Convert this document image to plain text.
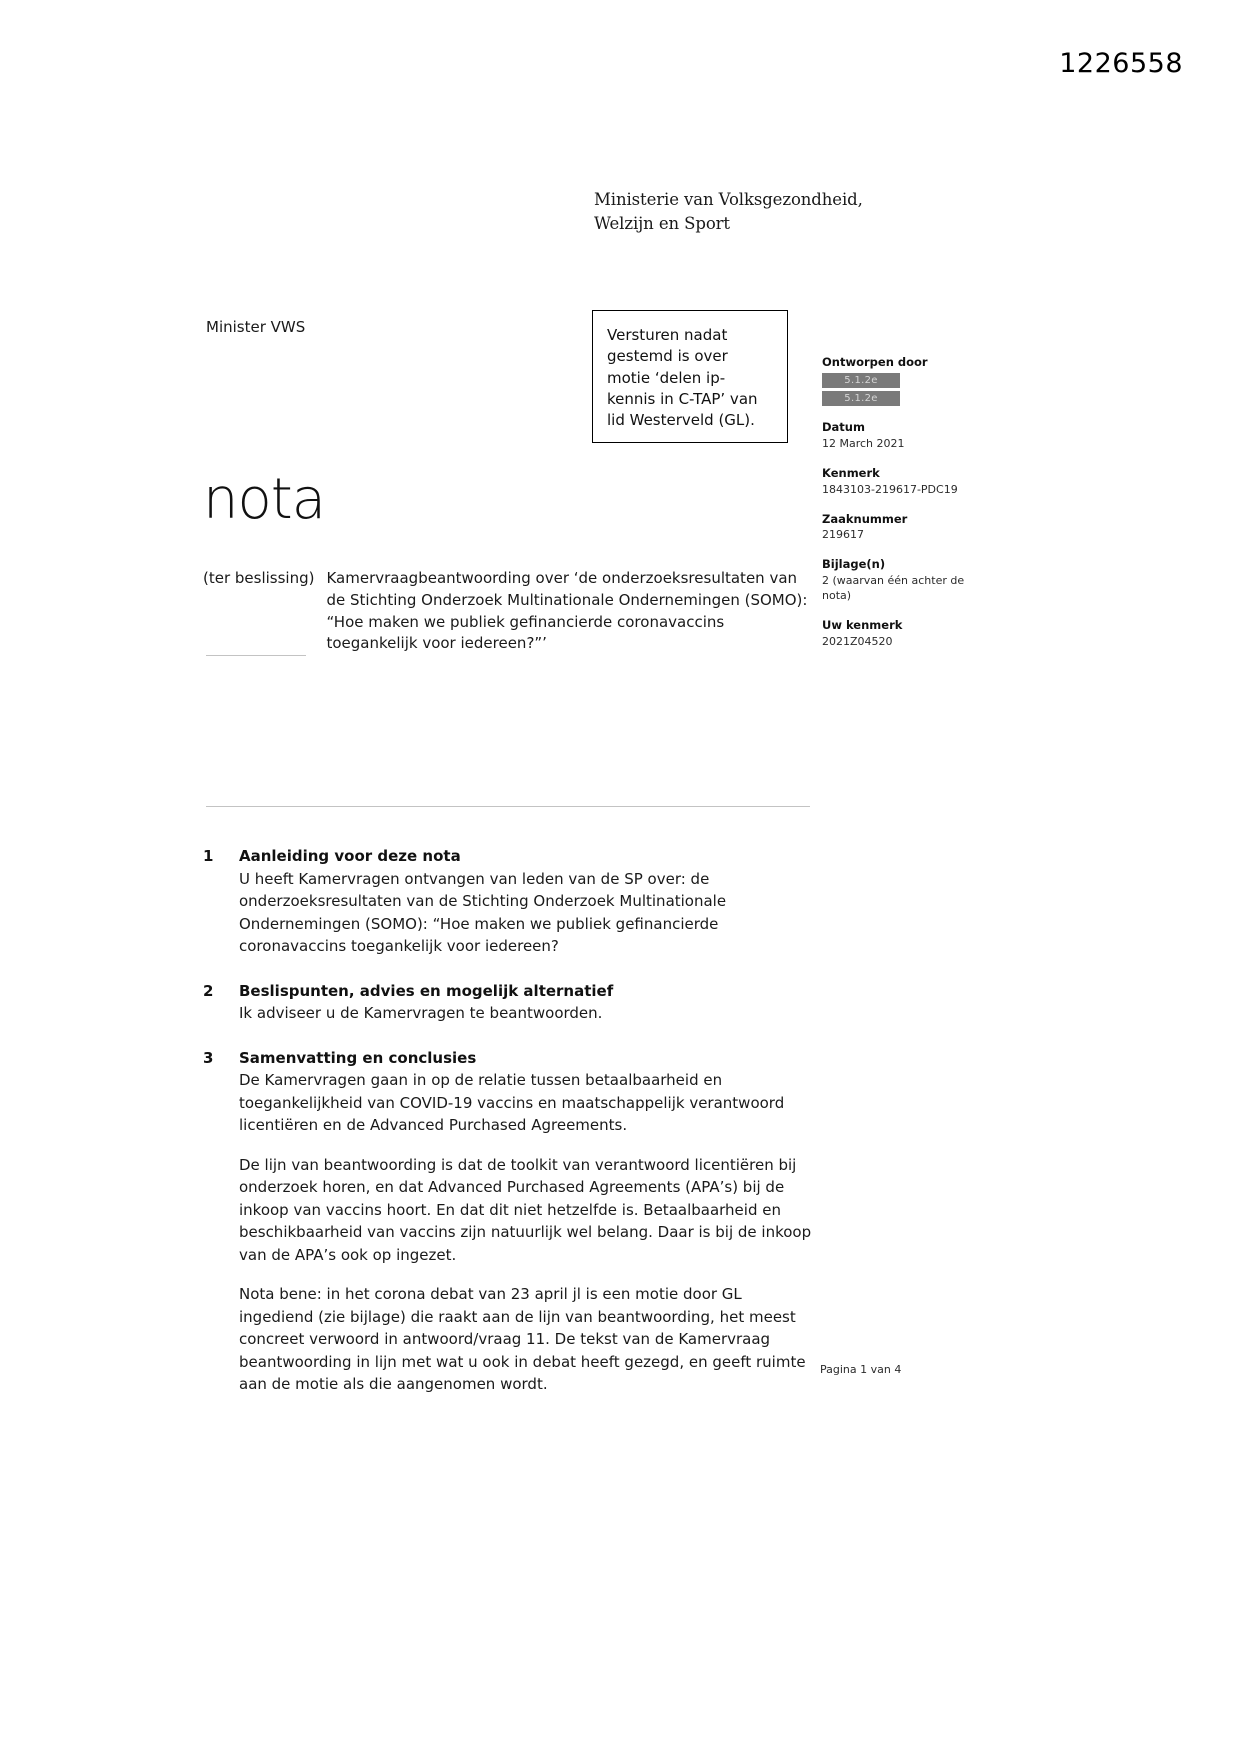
1226558
Ministerie van Volksgezondheid,
Welzijn en Sport
Minister VWS	Versturen nadat gestemd is over motie ‘delen ip-kennis in C-TAP’ van lid Westerveld (GL).

Ontworpen door
5.1.2e
5.1.2e
Datum
12 March 2021
Kenmerk
1843103-219617-PDC19
Zaaknummer
219617
Bijlage(n)
2 (waarvan één achter de nota)
Uw kenmerk
2021Z04520
nota
(ter beslissing) Kamervraagbeantwoording over ‘de onderzoeksresultaten van de Stichting Onderzoek Multinationale Ondernemingen (SOMO): “Hoe maken we publiek gefinancierde coronavaccins toegankelijk voor iedereen?”’
1	Aanleiding voor deze nota

U heeft Kamervragen ontvangen van leden van de SP over: de onderzoeksresultaten van de Stichting Onderzoek Multinationale Ondernemingen (SOMO): “Hoe maken we publiek gefinancierde coronavaccins toegankelijk voor iedereen?

2	Beslispunten, advies en mogelijk alternatief

Ik adviseer u de Kamervragen te beantwoorden.

3	Samenvatting en conclusies

De Kamervragen gaan in op de relatie tussen betaalbaarheid en toegankelijkheid van COVID-19 vaccins en maatschappelijk verantwoord licentiëren en de Advanced Purchased Agreements.

De lijn van beantwoording is dat de toolkit van verantwoord licentiëren bij onderzoek horen, en dat Advanced Purchased Agreements (APA’s) bij de inkoop van vaccins hoort. En dat dit niet hetzelfde is. Betaalbaarheid en beschikbaarheid van vaccins zijn natuurlijk wel belang. Daar is bij de inkoop van de APA’s ook op ingezet.

Nota bene: in het corona debat van 23 april jl is een motie door GL ingediend (zie bijlage) die raakt aan de lijn van beantwoording, het meest concreet verwoord in antwoord/vraag 11. De tekst van de Kamervraag beantwoording in lijn met wat u ook in debat heeft gezegd, en geeft ruimte aan de motie als die aangenomen wordt.

Pagina 1 van 4
